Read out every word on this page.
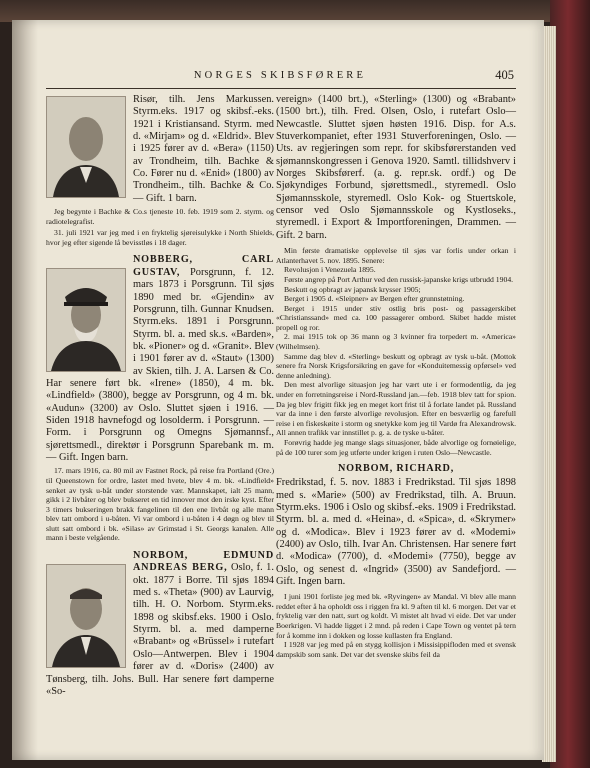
NORGES SKIBSFØRERE	405

Risør, tilh. Jens Markussen. Styrm.eks. 1917 og skibsf.-eks. 1921 i Kristiansand. Styrm. med d. «Mirjam» og d. «Eldrid». Blev i 1925 fører av d. «Bera» (1150) av Trondheim, tilh. Bachke & Co. Fører nu d. «Enid» (1800) av Trondheim., tilh. Bachke & Co. — Gift. 1 barn.

Jeg begynte i Bachke & Co.s tjeneste 10. feb. 1919 som 2. styrm. og radiotelegrafist.

31. juli 1921 var jeg med i en fryktelig sjøreisulykke i North Shields, hvor jeg efter sigende lå bevisstløs i 18 dager.

NOBBERG, CARL GUSTAV, Porsgrunn, f. 12. mars 1873 i Porsgrunn. Til sjøs 1890 med br. «Gjendin» av Porsgrunn, tilh. Gunnar Knudsen. Styrm.eks. 1891 i Porsgrunn. Styrm. bl. a. med sk.s. «Barden», bk. «Pioner» og d. «Granit». Blev i 1901 fører av d. «Staut» (1300) av Skien, tilh. J. A. Larsen & Co. Har senere ført bk. «Irene» (1850), 4 m. bk. «Lindfield» (3800), begge av Porsgrunn, og 4 m. bk. «Audun» (3200) av Oslo. Sluttet sjøen i 1916. — Siden 1918 havnefogd og losolderm. i Porsgrunn. — Form. i Porsgrunn og Omegns Sjømannsf., sjørettsmedl., direktør i Porsgrunn Sparebank m. m. — Gift. Ingen barn.

17. mars 1916, ca. 80 mil av Fastnet Rock, på reise fra Portland (Ore.) til Queenstown for ordre, lastet med hvete, blev 4 m. bk. «Lindfield» senket av tysk u-båt under storstende vær. Mannskapet, ialt 25 mann, gikk i 2 livbåter og blev bukseret en tid innover mot den irske kyst. Efter 3 timers bukseringen brakk fangelinen til den ene livbåt og alle mann blev tatt ombord i u-båten. Vi var ombord i u-båten i 4 døgn og blev til slutt satt ombord i bk. «Silas» av Grimstad i St. Georgs kanalen. Alle mann i beste velgående.

NORBOM, EDMUND ANDREAS BERG, Oslo, f. 1. okt. 1877 i Borre. Til sjøs 1894 med s. «Theta» (900) av Laurvig, tilh. H. O. Norbom. Styrm.eks. 1898 og skibsf.eks. 1900 i Oslo. Styrm. bl. a. med damperne «Brabant» og «Brüssel» i rutefart Oslo—Antwerpen. Blev i 1904 fører av d. «Doris» (2400) av Tønsberg, tilh. Johs. Bull. Har senere ført damperne «So-

vereign» (1400 brt.), «Sterling» (1300) og «Brabant» (1500 brt.), tilh. Fred. Olsen, Oslo, i rutefart Oslo—Newcastle. Sluttet sjøen høsten 1916. Disp. for A.s. Stuverkompaniet, efter 1931 Stuverforeningen, Oslo. — Uts. av regjeringen som repr. for skibsførerstanden ved sjømannskongressen i Genova 1920. Samtl. tillidshverv i Norges Skibsførerf. (a. g. repr.sk. ordf.) og De Sjøkyndiges Forbund, sjørettsmedl., styremedl. Oslo Sjømannsskole, styremedl. Oslo Kok- og Stuertskole, censor ved Oslo Sjømannsskole og Kystloseks., styremedl. i Export & Importforeningen, Drammen. — Gift. 2 barn.

Min første dramatiske opplevelse til sjøs var forlis under orkan i Atlanterhavet 5. nov. 1895. Senere:

Revolusjon i Venezuela 1895.

Første angrep på Port Arthur ved den russisk-japanske krigs utbrudd 1904.

Beskutt og opbragt av japansk krysser 1905;

Berget i 1905 d. «Sleipner» av Bergen efter grunnstøtning.

Berget i 1915 under stiv ostlig bris post- og passagerskibet «Christianssand» med ca. 100 passagerer ombord. Skibet hadde mistet propell og ror.

2. mai 1915 tok op 36 mann og 3 kvinner fra torpedert m. «America» (Wilhelmsen).

Samme dag blev d. «Sterling» beskutt og opbragt av tysk u-båt. (Mottok senere fra Norsk Krigsforsikring en gave for «Konduitemessig opførsel» ved denne anledning).

Den mest alvorlige situasjon jeg har vært ute i er formodentlig, da jeg under en forretningsreise i Nord-Russland jan.—feb. 1918 blev tatt for spion. Da jeg blev frigitt fikk jeg en meget kort frist til å forlate landet på. Russland var da inne i den første alvorlige revolusjon. Efter en besværlig og farefull reise i en fiskeskøite i storm og snetykke kom jeg til Vardø fra Alexandrowsk. All annen trafikk var innstillet p. g. a. de tyske u-båter.

Forøvrig hadde jeg mange slags situasjoner, både alvorlige og fornøielige, på de 100 turer som jeg utførte under krigen i ruten Oslo—Newcastle.

NORBOM, RICHARD,

Fredrikstad, f. 5. nov. 1883 i Fredrikstad. Til sjøs 1898 med s. «Marie» (500) av Fredrikstad, tilh. A. Bruun. Styrm.eks. 1906 i Oslo og skibsf.-eks. 1909 i Fredrikstad. Styrm. bl. a. med d. «Heina», d. «Spica», d. «Skrymer» og d. «Modica». Blev i 1923 fører av d. «Modemi» (2400) av Oslo, tilh. Ivar An. Christensen. Har senere ført d. «Modica» (7700), d. «Modemi» (7750), begge av Oslo, og senest d. «Ingrid» (3500) av Sandefjord. — Gift. Ingen barn.

I juni 1901 forliste jeg med bk. «Ryvingen» av Mandal. Vi blev alle mann reddet efter å ha opholdt oss i riggen fra kl. 9 aften til kl. 6 morgen. Det var et fryktelig vær den natt, surt og koldt. Vi mistet alt hvad vi eide. Det var under Boerkrigen. Vi hadde ligget i 2 mnd. på reden i Cape Town og ventet på tern for å komme inn i dokken og losse kullasten fra England.

I 1928 var jeg med på en stygg kollisjon i Missisippiflođen med et svensk dampskib som sank. Det var det svenske skibs feil da
